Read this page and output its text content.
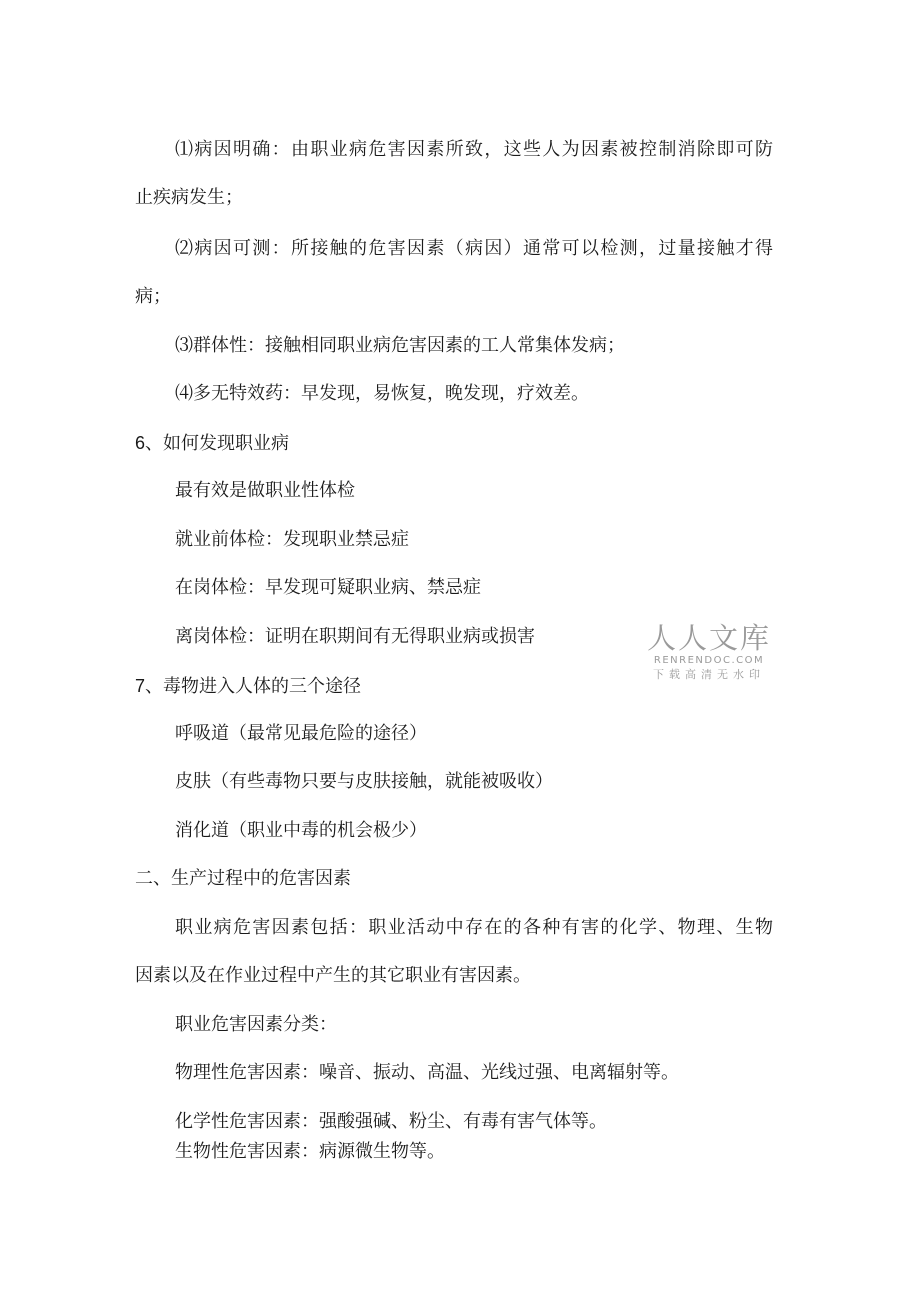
⑴病因明确：由职业病危害因素所致，这些人为因素被控制消除即可防
止疾病发生；
⑵病因可测：所接触的危害因素（病因）通常可以检测，过量接触才得
病；
⑶群体性：接触相同职业病危害因素的工人常集体发病；
⑷多无特效药：早发现，易恢复，晚发现，疗效差。
6、如何发现职业病
最有效是做职业性体检
就业前体检：发现职业禁忌症
在岗体检：早发现可疑职业病、禁忌症
离岗体检：证明在职期间有无得职业病或损害
7、毒物进入人体的三个途径
呼吸道（最常见最危险的途径）
皮肤（有些毒物只要与皮肤接触，就能被吸收）
消化道（职业中毒的机会极少）
二、生产过程中的危害因素
职业病危害因素包括：职业活动中存在的各种有害的化学、物理、生物
因素以及在作业过程中产生的其它职业有害因素。
职业危害因素分类：
物理性危害因素：噪音、振动、高温、光线过强、电离辐射等。
化学性危害因素：强酸强碱、粉尘、有毒有害气体等。
生物性危害因素：病源微生物等。
人人文库
RENRENDOC.COM
下载高清无水印
